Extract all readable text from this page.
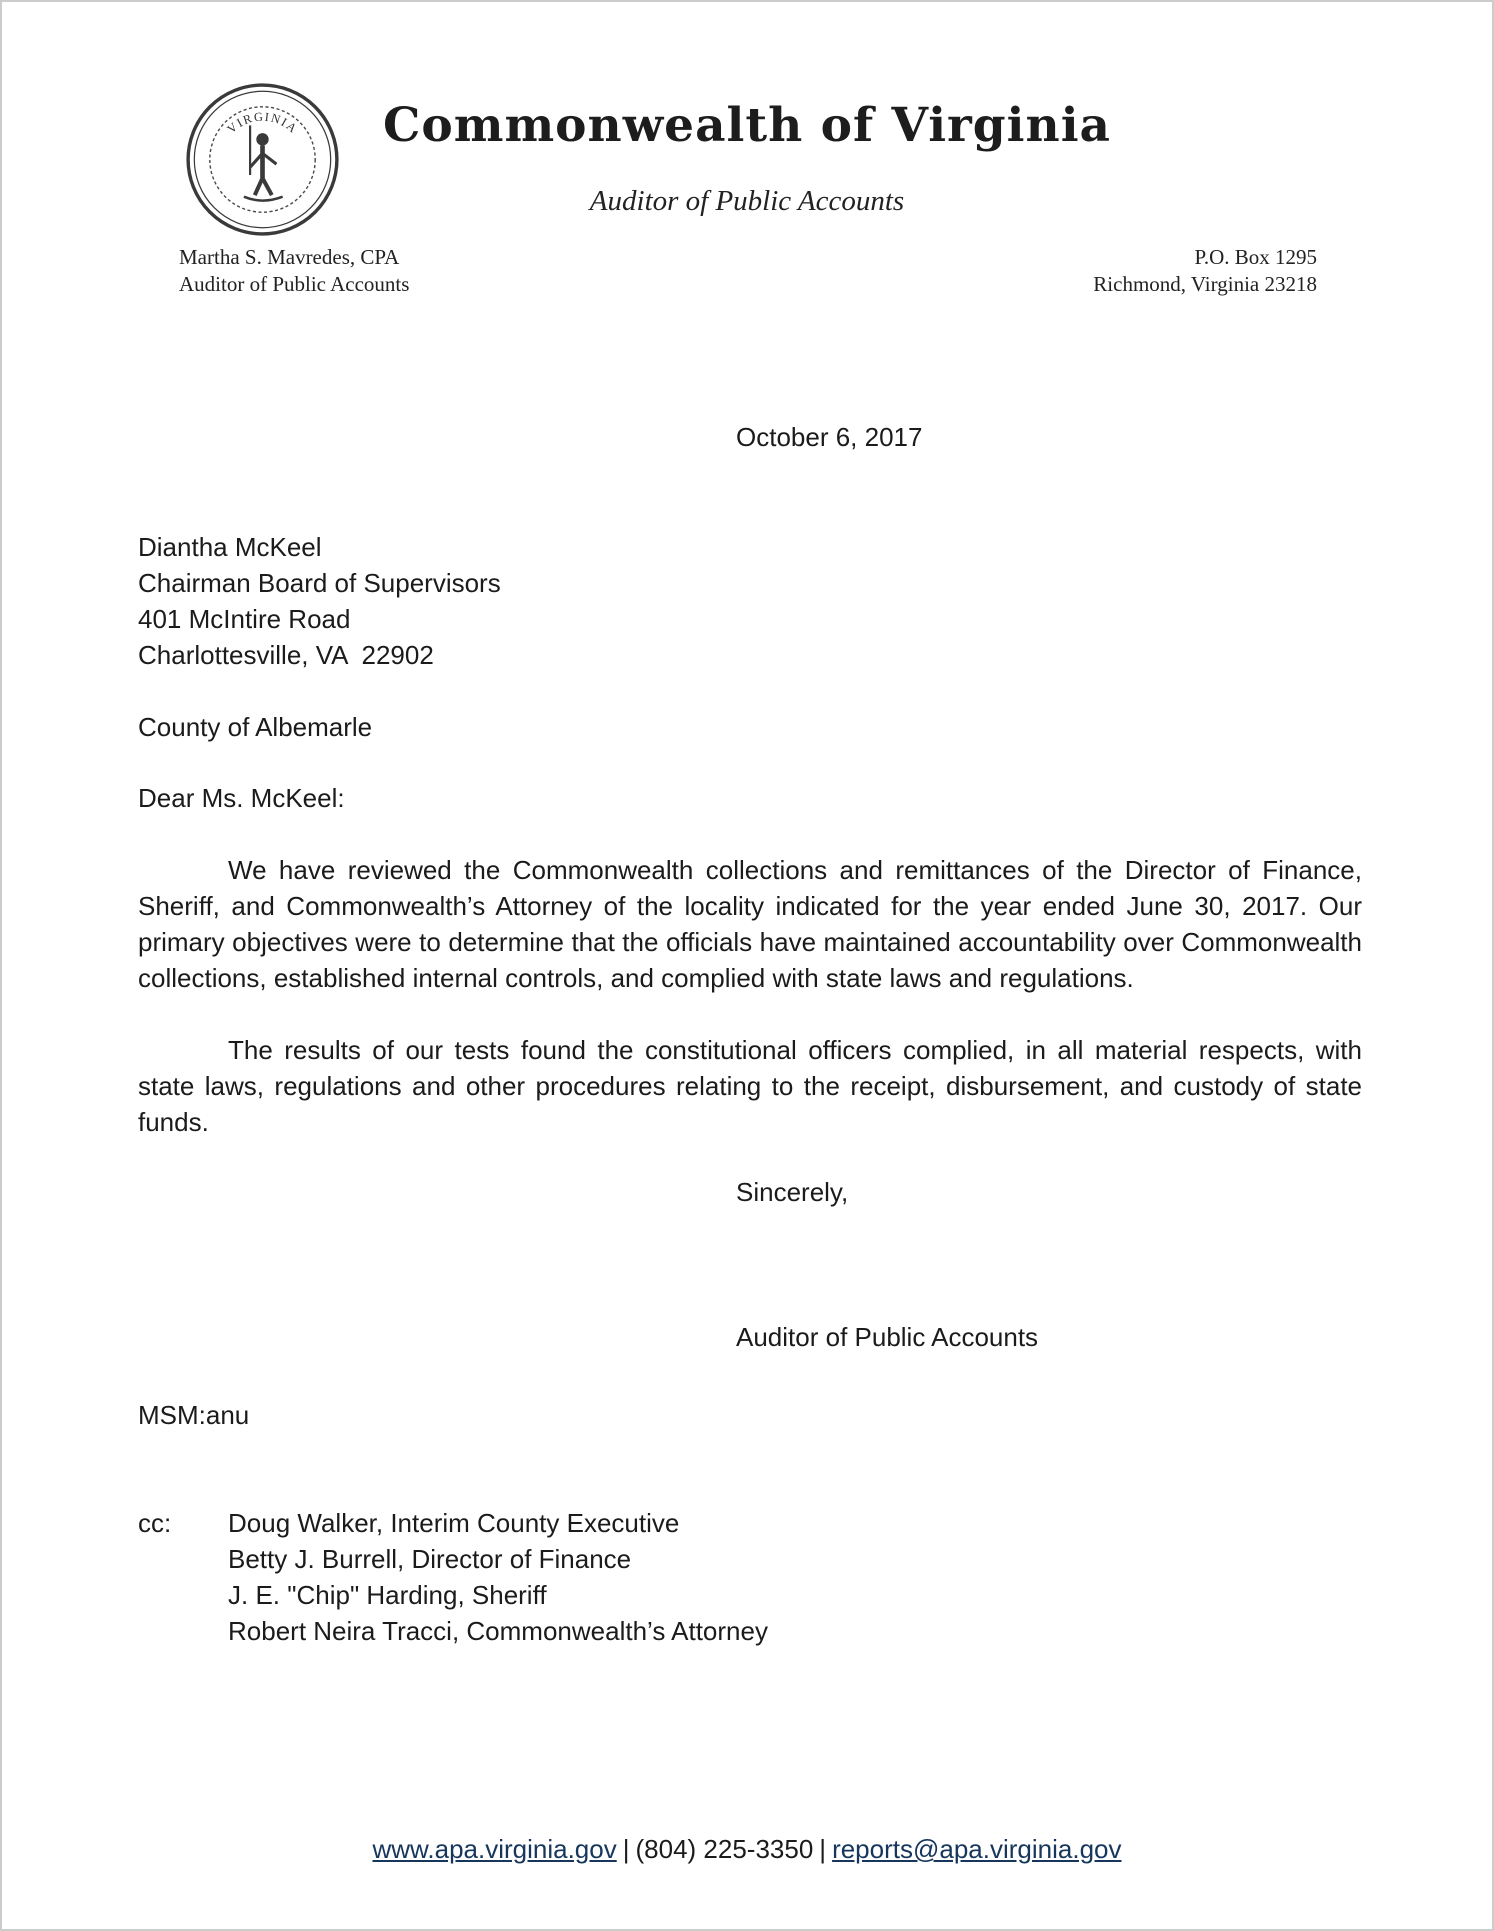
VIRGINIA	Commonwealth of Virginia
Auditor of Public Accounts
Martha S. Mavredes, CPA
Auditor of Public Accounts
P.O. Box 1295
Richmond, Virginia 23218
October 6, 2017
Diantha McKeel
Chairman Board of Supervisors
401 McIntire Road
Charlottesville, VA  22902
County of Albemarle
Dear Ms. McKeel:

We have reviewed the Commonwealth collections and remittances of the Director of Finance, Sheriff, and Commonwealth’s Attorney of the locality indicated for the year ended June 30, 2017. Our primary objectives were to determine that the officials have maintained accountability over Commonwealth collections, established internal controls, and complied with state laws and regulations.

The results of our tests found the constitutional officers complied, in all material respects, with state laws, regulations and other procedures relating to the receipt, disbursement, and custody of state funds.

Sincerely,
Auditor of Public Accounts
MSM:anu
cc:	Doug Walker, Interim County Executive
Betty J. Burrell, Director of Finance
J. E. "Chip" Harding, Sheriff
Robert Neira Tracci, Commonwealth’s Attorney
www.apa.virginia.gov | (804) 225-3350 | reports@apa.virginia.gov
